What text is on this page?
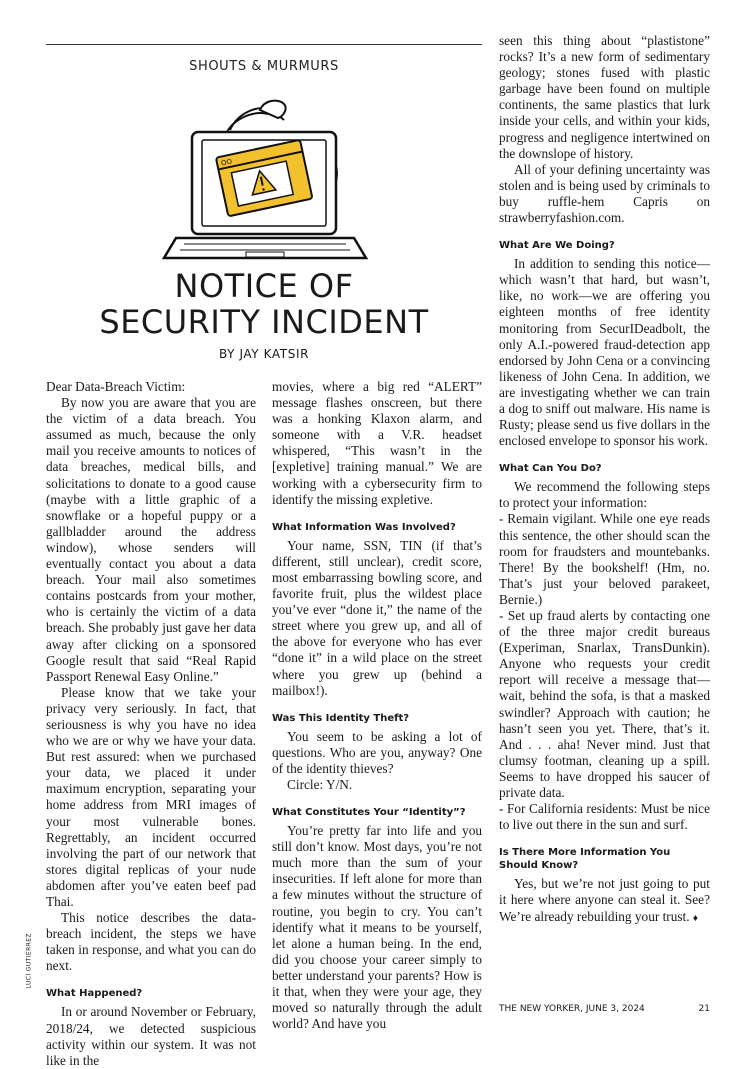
SHOUTS & MURMURS
OO
NOTICE OF
SECURITY INCIDENT
BY JAY KATSIR

Dear Data-Breach Victim:

By now you are aware that you are the victim of a data breach. You assumed as much, because the only mail you receive amounts to notices of data breaches, medical bills, and solicitations to donate to a good cause (maybe with a little graphic of a snowflake or a hopeful puppy or a gallbladder around the address window), whose senders will eventually contact you about a data breach. Your mail also sometimes contains postcards from your mother, who is certainly the victim of a data breach. She probably just gave her data away after clicking on a sponsored Google result that said “Real Rapid Passport Renewal Easy Online.”

Please know that we take your privacy very seriously. In fact, that seriousness is why you have no idea who we are or why we have your data. But rest assured: when we purchased your data, we placed it under maximum encryption, separating your home address from MRI images of your most vulnerable bones. Regrettably, an incident occurred involving the part of our network that stores digital replicas of your nude abdomen after you’ve eaten beef pad Thai.

This notice describes the data-breach incident, the steps we have taken in response, and what you can do next.

What Happened?

In or around November or February, 2018/24, we detected suspicious activity within our system. It was not like in the

movies, where a big red “ALERT” message flashes onscreen, but there was a honking Klaxon alarm, and someone with a V.R. headset whispered, “This wasn’t in the [expletive] training manual.” We are working with a cybersecurity firm to identify the missing expletive.

What Information Was Involved?

Your name, SSN, TIN (if that’s different, still unclear), credit score, most embarrassing bowling score, and favorite fruit, plus the wildest place you’ve ever “done it,” the name of the street where you grew up, and all of the above for everyone who has ever “done it” in a wild place on the street where you grew up (behind a mailbox!).

Was This Identity Theft?

You seem to be asking a lot of questions. Who are you, anyway? One of the identity thieves?

Circle: Y/N.

What Constitutes Your “Identity”?

You’re pretty far into life and you still don’t know. Most days, you’re not much more than the sum of your insecurities. If left alone for more than a few minutes without the structure of routine, you begin to cry. You can’t identify what it means to be yourself, let alone a human being. In the end, did you choose your career simply to better understand your parents? How is it that, when they were your age, they moved so naturally through the adult world? And have you

seen this thing about “plastistone” rocks? It’s a new form of sedimentary geology; stones fused with plastic garbage have been found on multiple continents, the same plastics that lurk inside your cells, and within your kids, progress and negligence intertwined on the downslope of history.

All of your defining uncertainty was stolen and is being used by criminals to buy ruffle-hem Capris on strawberryfashion.com.

What Are We Doing?

In addition to sending this notice—which wasn’t that hard, but wasn’t, like, no work—we are offering you eighteen months of free identity monitoring from SecurIDeadbolt, the only A.I.-powered fraud-detection app endorsed by John Cena or a convincing likeness of John Cena. In addition, we are investigating whether we can train a dog to sniff out malware. His name is Rusty; please send us five dollars in the enclosed envelope to sponsor his work.

What Can You Do?

We recommend the following steps to protect your information:

- Remain vigilant. While one eye reads this sentence, the other should scan the room for fraudsters and mountebanks. There! By the bookshelf! (Hm, no. That’s just your beloved parakeet, Bernie.)

- Set up fraud alerts by contacting one of the three major credit bureaus (Experiman, Snarlax, TransDunkin). Anyone who requests your credit report will receive a message that—wait, behind the sofa, is that a masked swindler? Approach with caution; he hasn’t seen you yet. There, that’s it. And . . . aha! Never mind. Just that clumsy footman, cleaning up a spill. Seems to have dropped his saucer of private data.

- For California residents: Must be nice to live out there in the sun and surf.

Is There More Information You Should Know?

Yes, but we’re not just going to put it here where anyone can steal it. See? We’re already rebuilding your trust. ♦

LUCI GUTIÉRREZ
THE NEW YORKER, JUNE 3, 2024	21
